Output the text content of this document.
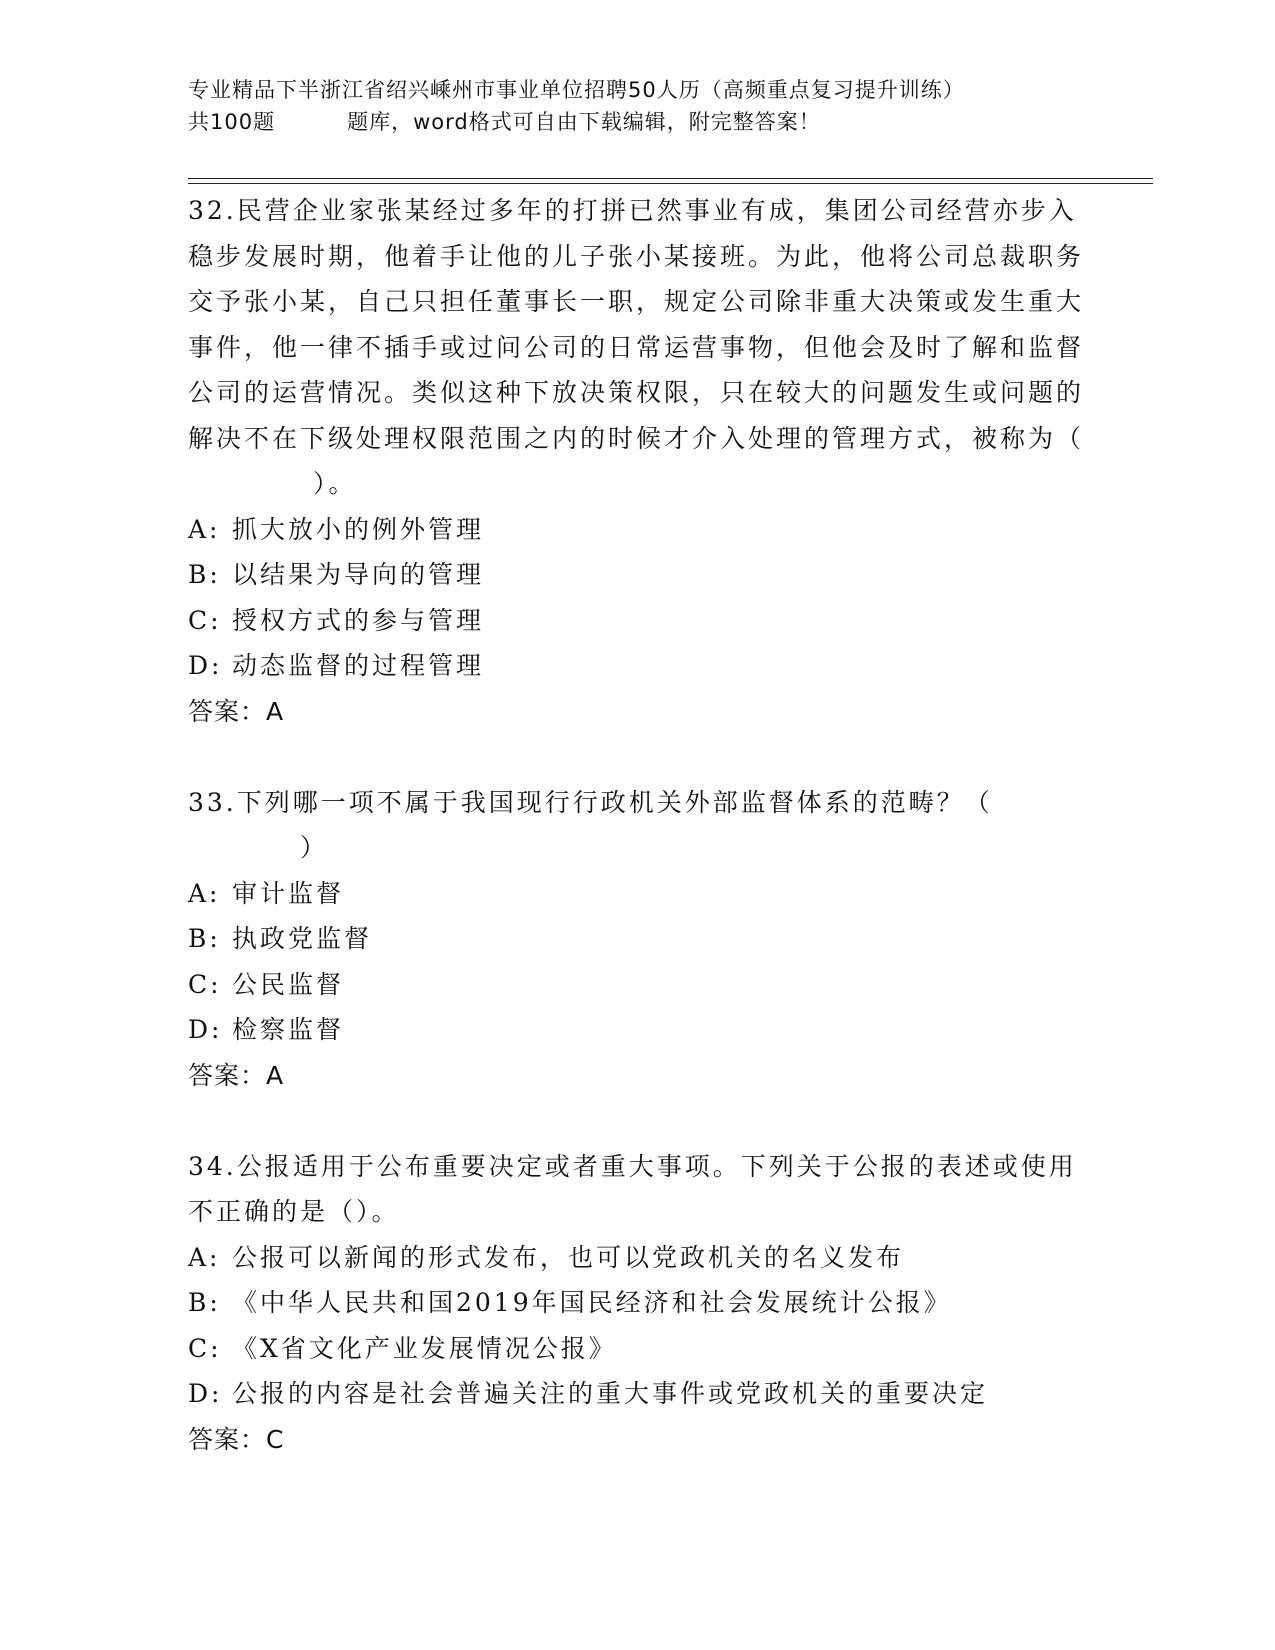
专业精品下半浙江省绍兴嵊州市事业单位招聘50人历（高频重点复习提升训练）
共100题	题库，word格式可自由下载编辑，附完整答案！

32.民营企业家张某经过多年的打拼已然事业有成，集团公司经营亦步入稳步发展时期，他着手让他的儿子张小某接班。为此，他将公司总裁职务交予张小某，自己只担任董事长一职，规定公司除非重大决策或发生重大事件，他一律不插手或过问公司的日常运营事物，但他会及时了解和监督公司的运营情况。类似这种下放决策权限，只在较大的问题发生或问题的解决不在下级处理权限范围之内的时候才介入处理的管理方式，被称为（）。

A: 抓大放小的例外管理

B: 以结果为导向的管理

C: 授权方式的参与管理

D: 动态监督的过程管理

答案：A

33.下列哪一项不属于我国现行行政机关外部监督体系的范畴？（
）

A: 审计监督

B: 执政党监督

C: 公民监督

D: 检察监督

答案：A

34.公报适用于公布重要决定或者重大事项。下列关于公报的表述或使用不正确的是（）。

A: 公报可以新闻的形式发布，也可以党政机关的名义发布

B: 《中华人民共和国2019年国民经济和社会发展统计公报》

C: 《X省文化产业发展情况公报》

D: 公报的内容是社会普遍关注的重大事件或党政机关的重要决定

答案：C
